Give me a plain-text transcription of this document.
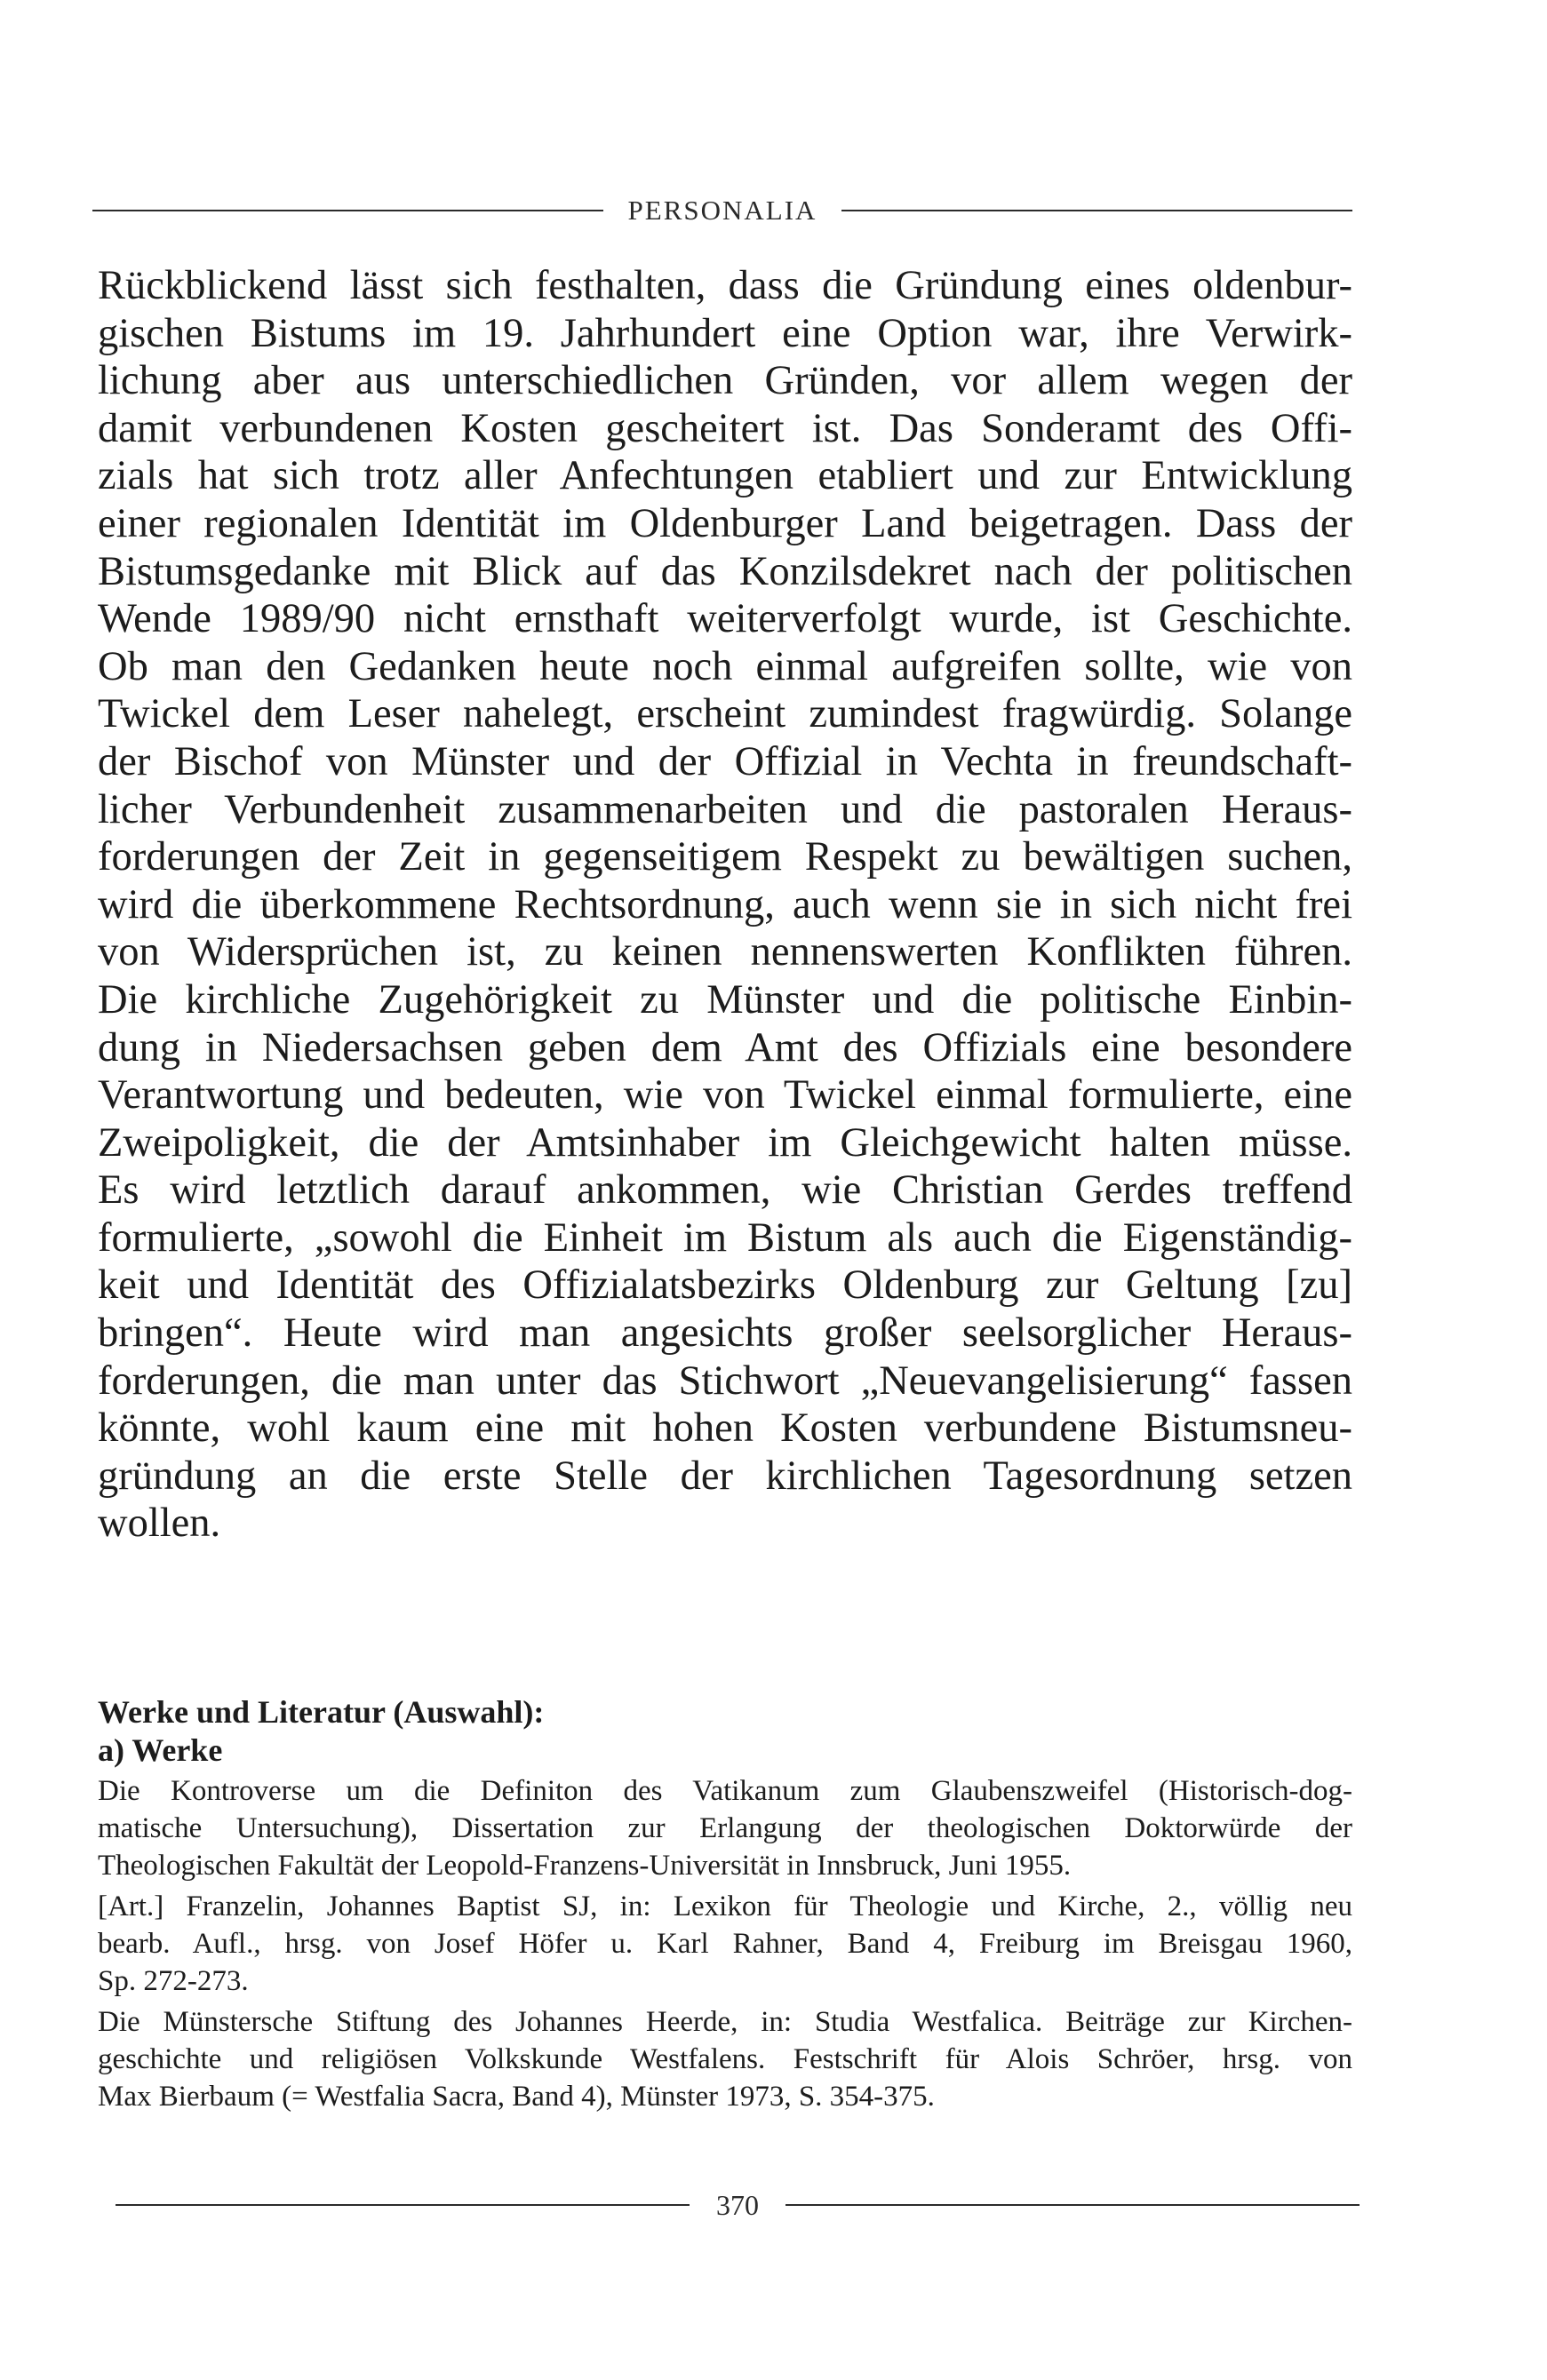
PERSONALIA
Rückblickend lässt sich festhalten, dass die Gründung eines oldenbur-
gischen Bistums im 19. Jahrhundert eine Option war, ihre Verwirk-
lichung aber aus unterschiedlichen Gründen, vor allem wegen der
damit verbundenen Kosten gescheitert ist. Das Sonderamt des Offi-
zials hat sich trotz aller Anfechtungen etabliert und zur Entwicklung
einer regionalen Identität im Oldenburger Land beigetragen. Dass der
Bistumsgedanke mit Blick auf das Konzilsdekret nach der politischen
Wende 1989/90 nicht ernsthaft weiterverfolgt wurde, ist Geschichte.
Ob man den Gedanken heute noch einmal aufgreifen sollte, wie von
Twickel dem Leser nahelegt, erscheint zumindest fragwürdig. Solange
der Bischof von Münster und der Offizial in Vechta in freundschaft-
licher Verbundenheit zusammenarbeiten und die pastoralen Heraus-
forderungen der Zeit in gegenseitigem Respekt zu bewältigen suchen,
wird die überkommene Rechtsordnung, auch wenn sie in sich nicht frei
von Widersprüchen ist, zu keinen nennenswerten Konflikten führen.
Die kirchliche Zugehörigkeit zu Münster und die politische Einbin-
dung in Niedersachsen geben dem Amt des Offizials eine besondere
Verantwortung und bedeuten, wie von Twickel einmal formulierte, eine
Zweipoligkeit, die der Amtsinhaber im Gleichgewicht halten müsse.
Es wird letztlich darauf ankommen, wie Christian Gerdes treffend
formulierte, „sowohl die Einheit im Bistum als auch die Eigenständig-
keit und Identität des Offizialatsbezirks Oldenburg zur Geltung [zu]
bringen“. Heute wird man angesichts großer seelsorglicher Heraus-
forderungen, die man unter das Stichwort „Neuevangelisierung“ fassen
könnte, wohl kaum eine mit hohen Kosten verbundene Bistumsneu-
gründung an die erste Stelle der kirchlichen Tagesordnung setzen
wollen.
Werke und Literatur (Auswahl):
a) Werke
Die Kontroverse um die Definiton des Vatikanum zum Glaubenszweifel (Historisch-dog-
matische Untersuchung), Dissertation zur Erlangung der theologischen Doktorwürde der
Theologischen Fakultät der Leopold-Franzens-Universität in Innsbruck, Juni 1955.
[Art.] Franzelin, Johannes Baptist SJ, in: Lexikon für Theologie und Kirche, 2., völlig neu
bearb. Aufl., hrsg. von Josef Höfer u. Karl Rahner, Band 4, Freiburg im Breisgau 1960,
Sp. 272-273.
Die Münstersche Stiftung des Johannes Heerde, in: Studia Westfalica. Beiträge zur Kirchen-
geschichte und religiösen Volkskunde Westfalens. Festschrift für Alois Schröer, hrsg. von
Max Bierbaum (= Westfalia Sacra, Band 4), Münster 1973, S. 354-375.
370
